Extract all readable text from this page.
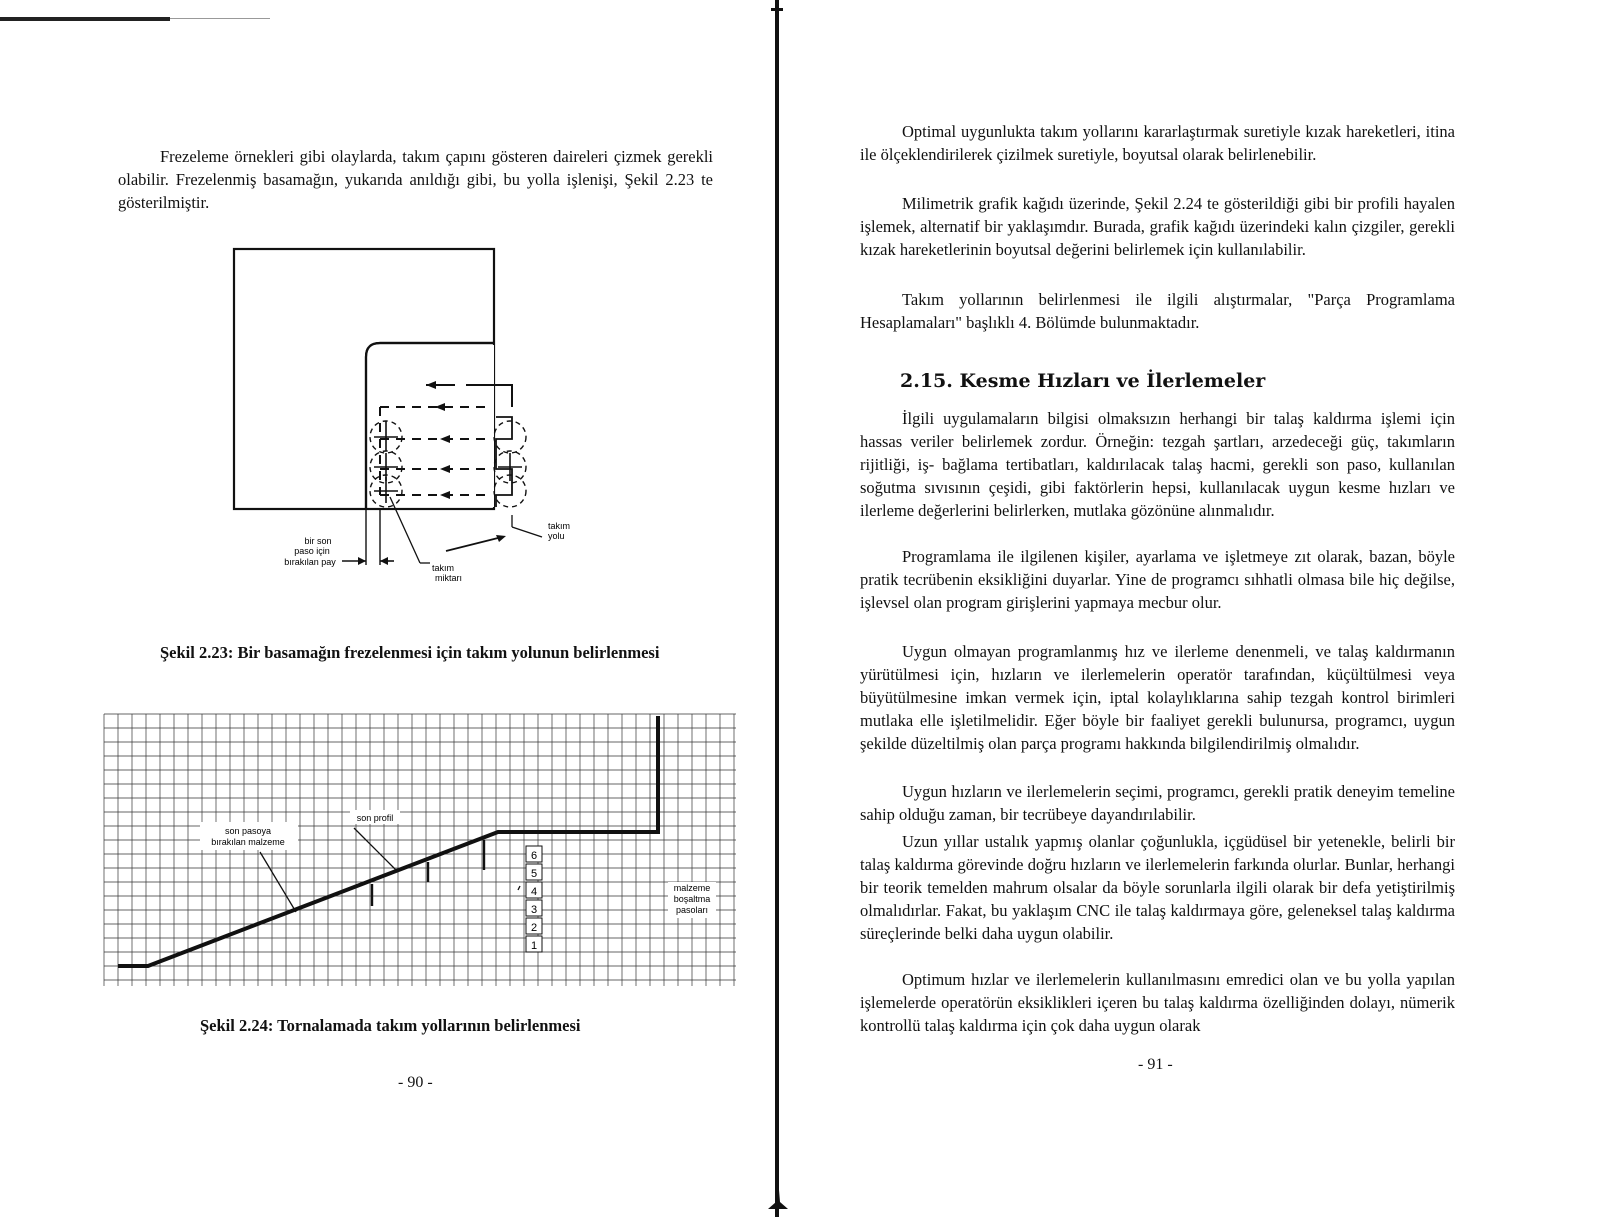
Frezeleme örnekleri gibi olaylarda, takım çapını gösteren daireleri çizmek gerekli olabilir. Frezelenmiş basamağın, yukarıda anıldığı gibi, bu yolla işlenişi, Şekil 2.23 te gösterilmiştir.

bir son
paso için
bırakılan pay
takım
miktarı
takım
yolu
Şekil 2.23: Bir basamağın frezelenmesi için takım yolunun belirlenmesi
6
5
4
3
2
1
son pasoya
bırakılan malzeme
son profil
malzeme
boşaltma
pasoları
Şekil 2.24: Tornalamada takım yollarının belirlenmesi
- 90 -

Optimal uygunlukta takım yollarını kararlaştırmak suretiyle kızak hareketleri, itina ile ölçeklendirilerek çizilmek suretiyle, boyutsal olarak belirlenebilir.

Milimetrik grafik kağıdı üzerinde, Şekil 2.24 te gösterildiği gibi bir profili hayalen işlemek, alternatif bir yaklaşımdır. Burada, grafik kağıdı üzerindeki kalın çizgiler, gerekli kızak hareketlerinin boyutsal değerini belirlemek için kullanılabilir.

Takım yollarının belirlenmesi ile ilgili alıştırmalar, "Parça Programlama Hesaplamaları" başlıklı 4. Bölümde bulunmaktadır.

2.15. Kesme Hızları ve İlerlemeler

İlgili uygulamaların bilgisi olmaksızın herhangi bir talaş kaldırma işlemi için hassas veriler belirlemek zordur. Örneğin: tezgah şartları, arzedeceği güç, takımların rijitliği, iş- bağlama tertibatları, kaldırılacak talaş hacmi, gerekli son paso, kullanılan soğutma sıvısının çeşidi, gibi faktörlerin hepsi, kullanılacak uygun kesme hızları ve ilerleme değerlerini belirlerken, mutlaka gözönüne alınmalıdır.

Programlama ile ilgilenen kişiler, ayarlama ve işletmeye zıt olarak, bazan, böyle pratik tecrübenin eksikliğini duyarlar. Yine de programcı sıhhatli olmasa bile hiç değilse, işlevsel olan program girişlerini yapmaya mecbur olur.

Uygun olmayan programlanmış hız ve ilerleme denenmeli, ve talaş kaldırmanın yürütülmesi için, hızların ve ilerlemelerin operatör tarafından, küçültülmesi veya büyütülmesine imkan vermek için, iptal kolaylıklarına sahip tezgah kontrol birimleri mutlaka elle işletilmelidir. Eğer böyle bir faaliyet gerekli bulunursa, programcı, uygun şekilde düzeltilmiş olan parça programı hakkında bilgilendirilmiş olmalıdır.

Uygun hızların ve ilerlemelerin seçimi, programcı, gerekli pratik deneyim temeline sahip olduğu zaman, bir tecrübeye dayandırılabilir.

Uzun yıllar ustalık yapmış olanlar çoğunlukla, içgüdüsel bir yetenekle, belirli bir talaş kaldırma görevinde doğru hızların ve ilerlemelerin farkında olurlar. Bunlar, herhangi bir teorik temelden mahrum olsalar da böyle sorunlarla ilgili olarak bir defa yetiştirilmiş olmalıdırlar. Fakat, bu yaklaşım CNC ile talaş kaldırmaya göre, geleneksel talaş kaldırma süreçlerinde belki daha uygun olabilir.

Optimum hızlar ve ilerlemelerin kullanılmasını emredici olan ve bu yolla yapılan işlemelerde operatörün eksiklikleri içeren bu talaş kaldırma özelliğinden dolayı, nümerik kontrollü talaş kaldırma için çok daha uygun olarak

- 91 -
